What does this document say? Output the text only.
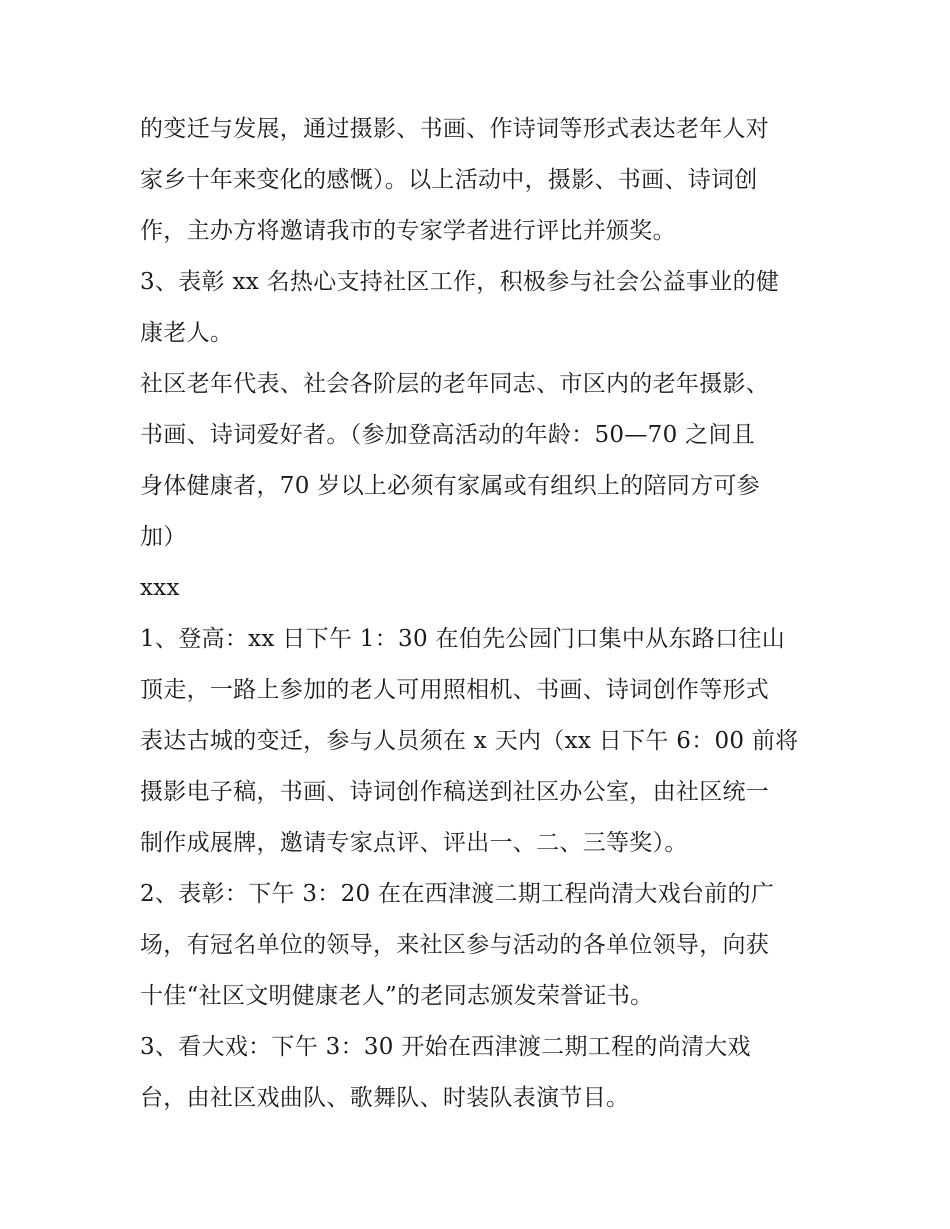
的变迁与发展，通过摄影、书画、作诗词等形式表达老年人对
家乡十年来变化的感慨）。以上活动中，摄影、书画、诗词创
作，主办方将邀请我市的专家学者进行评比并颁奖。
3、表彰 xx 名热心支持社区工作，积极参与社会公益事业的健
康老人。
社区老年代表、社会各阶层的老年同志、市区内的老年摄影、
书画、诗词爱好者。（参加登高活动的年龄：50—70 之间且
身体健康者，70 岁以上必须有家属或有组织上的陪同方可参
加）
xxx
1、登高：xx 日下午 1：30 在伯先公园门口集中从东路口往山
顶走，一路上参加的老人可用照相机、书画、诗词创作等形式
表达古城的变迁，参与人员须在 x 天内（xx 日下午 6：00 前将
摄影电子稿，书画、诗词创作稿送到社区办公室，由社区统一
制作成展牌，邀请专家点评、评出一、二、三等奖）。
2、表彰：下午 3：20 在在西津渡二期工程尚清大戏台前的广
场，有冠名单位的领导，来社区参与活动的各单位领导，向获
十佳“社区文明健康老人”的老同志颁发荣誉证书。
3、看大戏：下午 3：30 开始在西津渡二期工程的尚清大戏
台，由社区戏曲队、歌舞队、时装队表演节目。
